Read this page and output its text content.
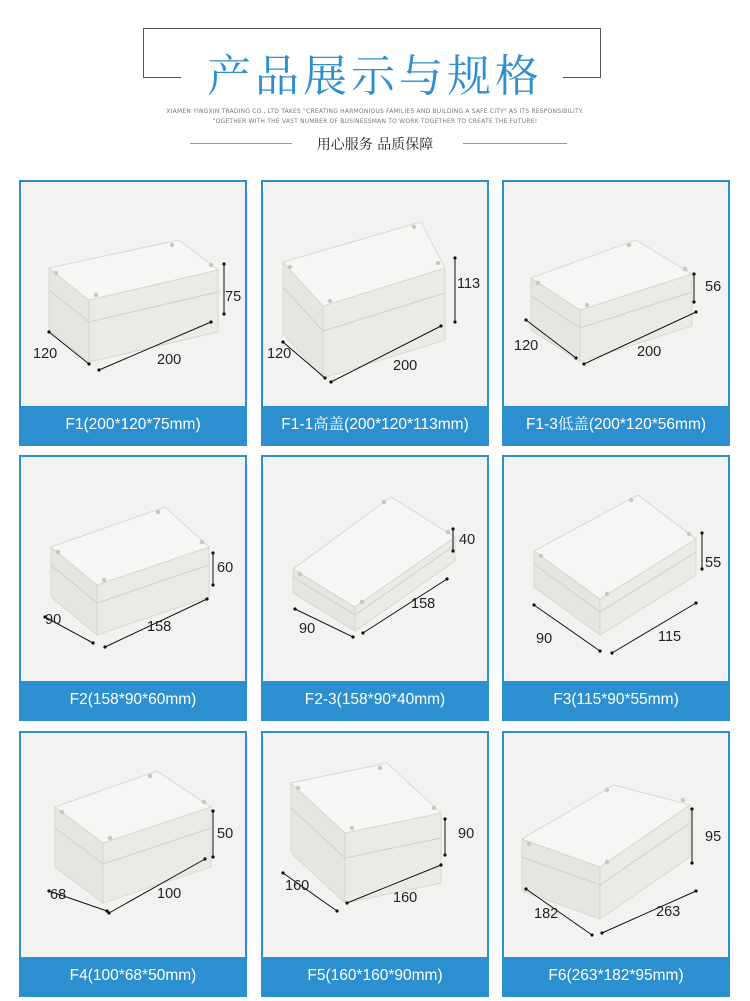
产品展示与规格
XIAMEN YINGXIN TRADING CO., LTD TAKES "CREATING HARMONIOUS FAMILIES AND BUILDING A SAFE CITY" AS ITS RESPONSIBILITY.
"OGETHER WITH THE VAST NUMBER OF BUSINESSMAN TO WORK TOGETHER TO CREATE THE FUTURE!
用心服务 品质保障
120	200
75
F1(200*120*75mm)
120
200
113
F1-1高盖(200*120*113mm)
120	200
56
F1-3低盖(200*120*56mm)
90	158
60
F2(158*90*60mm)
90
158
40
F2-3(158*90*40mm)
90	115
55
F3(115*90*55mm)
68	100
50
F4(100*68*50mm)
160
160
90
F5(160*160*90mm)
182	263
95
F6(263*182*95mm)
